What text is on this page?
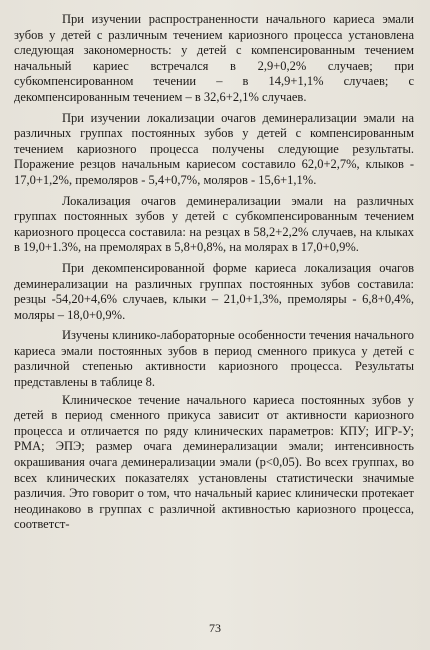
При изучении распространенности начального кариеса эмали зубов у детей с различным течением кариозного процесса установлена следующая закономерность: у детей с компенсированным течением начальный кариес встречался в 2,9+0,2% случаев; при субкомпенсированном течении – в 14,9+1,1% случаев; с декомпенсированным течением – в 32,6+2,1% случаев.

При изучении локализации очагов деминерализации эмали на различных группах постоянных зубов у детей с компенсированным течением кариозного процесса получены следующие результаты. Поражение резцов начальным кариесом составило 62,0+2,7%, клыков - 17,0+1,2%, премоляров - 5,4+0,7%, моляров - 15,6+1,1%.

Локализация очагов деминерализации эмали на различных группах постоянных зубов у детей с субкомпенсированным течением кариозного процесса составила: на резцах в 58,2+2,2% случаев, на клыках в 19,0+1.3%, на премолярах в 5,8+0,8%, на молярах в 17,0+0,9%.

При декомпенсированной форме кариеса локализация очагов деминерализации на различных группах постоянных зубов составила: резцы -54,20+4,6% случаев, клыки – 21,0+1,3%, премоляры - 6,8+0,4%, моляры – 18,0+0,9%.

Изучены клинико-лабораторные особенности течения начального кариеса эмали постоянных зубов в период сменного прикуса у детей с различной степенью активности кариозного процесса. Результаты представлены в таблице 8.

Клиническое течение начального кариеса постоянных зубов у детей в период сменного прикуса зависит от активности кариозного процесса и отличается по ряду клинических параметров: КПУ; ИГР-У; РМА; ЭПЭ; размер очага деминерализации эмали; интенсивность окрашивания очага деминерализации эмали (p<0,05). Во всех группах, во всех клинических показателях установлены статистически значимые различия. Это говорит о том, что начальный кариес клинически протекает неодинаково в группах с различной активностью кариозного процесса, соответст-

73
